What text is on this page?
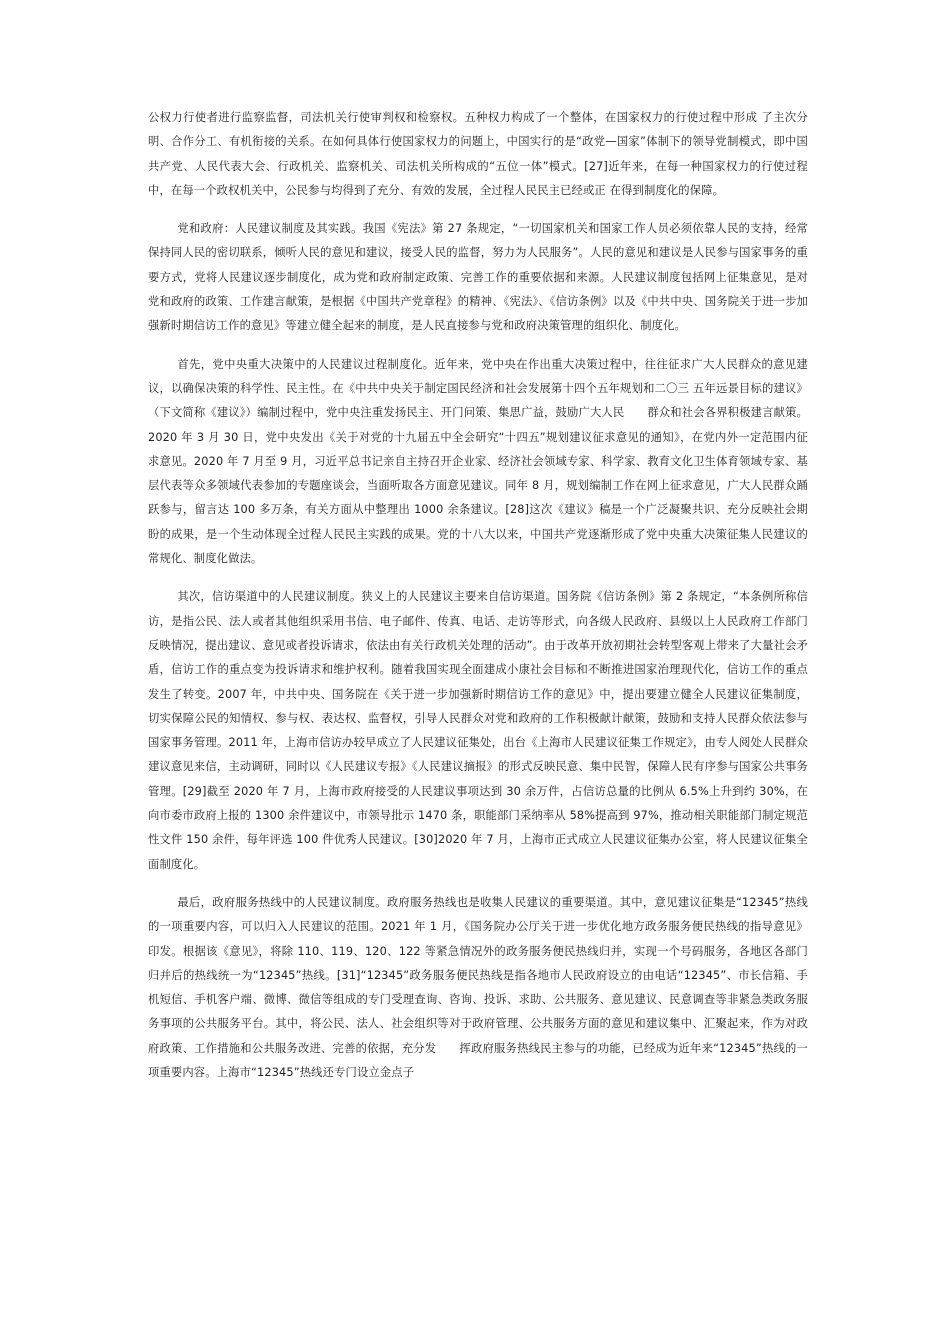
公权力行使者进行监察监督，司法机关行使审判权和检察权。五种权力构成了一个整体，在国家权力的行使过程中形成 了主次分明、合作分工、有机衔接的关系。在如何具体行使国家权力的问题上，中国实行的是“政党—国家”体制下的领导党制模式，即中国共产党、人民代表大会、行政机关、监察机关、司法机关所构成的“五位一体”模式。[27]近年来，在每一种国家权力的行使过程中，在每一个政权机关中，公民参与均得到了充分、有效的发展，全过程人民民主已经或正 在得到制度化的保障。

党和政府：人民建议制度及其实践。我国《宪法》第 27 条规定，“一切国家机关和国家工作人员必须依靠人民的支持，经常保持同人民的密切联系，倾听人民的意见和建议，接受人民的监督，努力为人民服务”。人民的意见和建议是人民参与国家事务的重要方式，党将人民建议逐步制度化，成为党和政府制定政策、完善工作的重要依据和来源。人民建议制度包括网上征集意见，是对党和政府的政策、工作建言献策，是根据《中国共产党章程》的精神、《宪法》、《信访条例》以及《中共中央、国务院关于进一步加强新时期信访工作的意见》等建立健全起来的制度，是人民直接参与党和政府决策管理的组织化、制度化。

首先，党中央重大决策中的人民建议过程制度化。近年来，党中央在作出重大决策过程中，往往征求广大人民群众的意见建议，以确保决策的科学性、民主性。在《中共中央关于制定国民经济和社会发展第十四个五年规划和二〇三 五年远景目标的建议》（下文简称《建议》）编制过程中，党中央注重发扬民主、开门问策、集思广益，鼓励广大人民　　群众和社会各界积极建言献策。2020 年 3 月 30 日，党中央发出《关于对党的十九届五中全会研究“十四五”规划建议征求意见的通知》，在党内外一定范围内征求意见。2020 年 7 月至 9 月，习近平总书记亲自主持召开企业家、经济社会领域专家、科学家、教育文化卫生体育领域专家、基层代表等众多领域代表参加的专题座谈会，当面听取各方面意见建议。同年 8 月，规划编制工作在网上征求意见，广大人民群众踊跃参与，留言达 100 多万条，有关方面从中整理出 1000 余条建议。[28]这次《建议》稿是一个广泛凝聚共识、充分反映社会期盼的成果，是一个生动体现全过程人民民主实践的成果。党的十八大以来，中国共产党逐渐形成了党中央重大决策征集人民建议的常规化、制度化做法。

其次，信访渠道中的人民建议制度。狭义上的人民建议主要来自信访渠道。国务院《信访条例》第 2 条规定，“本条例所称信访，是指公民、法人或者其他组织采用书信、电子邮件、传真、电话、走访等形式，向各级人民政府、县级以上人民政府工作部门反映情况，提出建议、意见或者投诉请求，依法由有关行政机关处理的活动”。由于改革开放初期社会转型客观上带来了大量社会矛盾，信访工作的重点变为投诉请求和维护权利。随着我国实现全面建成小康社会目标和不断推进国家治理现代化，信访工作的重点发生了转变。2007 年，中共中央、国务院在《关于进一步加强新时期信访工作的意见》中，提出要建立健全人民建议征集制度，切实保障公民的知情权、参与权、表达权、监督权，引导人民群众对党和政府的工作积极献计献策，鼓励和支持人民群众依法参与国家事务管理。2011 年，上海市信访办较早成立了人民建议征集处，出台《上海市人民建议征集工作规定》，由专人阅处人民群众建议意见来信，主动调研，同时以《人民建议专报》《人民建议摘报》的形式反映民意、集中民智，保障人民有序参与国家公共事务管理。[29]截至 2020 年 7 月，上海市政府接受的人民建议事项达到 30 余万件，占信访总量的比例从 6.5%上升到约 30%，在向市委市政府上报的 1300 余件建议中，市领导批示 1470 条，职能部门采纳率从 58%提高到 97%，推动相关职能部门制定规范性文件 150 余件，每年评选 100 件优秀人民建议。[30]2020 年 7 月，上海市正式成立人民建议征集办公室，将人民建议征集全面制度化。

最后，政府服务热线中的人民建议制度。政府服务热线也是收集人民建议的重要渠道。其中，意见建议征集是“12345”热线的一项重要内容，可以归入人民建议的范围。2021 年 1 月，《国务院办公厅关于进一步优化地方政务服务便民热线的指导意见》印发。根据该《意见》，将除 110、119、120、122 等紧急情况外的政务服务便民热线归并，实现一个号码服务，各地区各部门归并后的热线统一为“12345”热线。[31]“12345”政务服务便民热线是指各地市人民政府设立的由电话“12345”、市长信箱、手机短信、手机客户端、微博、微信等组成的专门受理查询、咨询、投诉、求助、公共服务、意见建议、民意调查等非紧急类政务服务事项的公共服务平台。其中，将公民、法人、社会组织等对于政府管理、公共服务方面的意见和建议集中、汇聚起来，作为对政府政策、工作措施和公共服务改进、完善的依据，充分发　　挥政府服务热线民主参与的功能，已经成为近年来“12345”热线的一项重要内容。上海市“12345”热线还专门设立金点子
